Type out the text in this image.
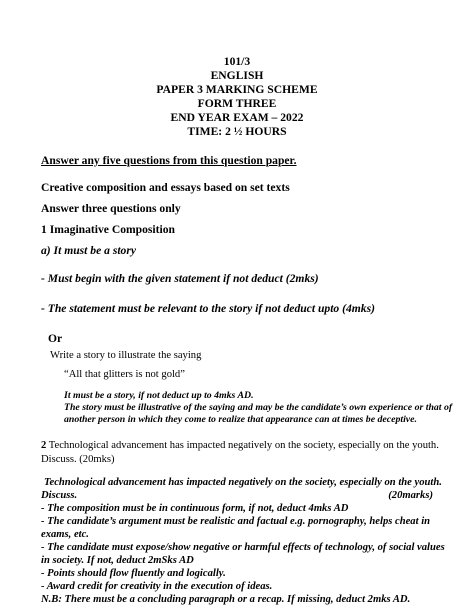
101/3
ENGLISH
PAPER 3 MARKING SCHEME
FORM THREE
END YEAR EXAM – 2022
TIME: 2 ½ HOURS
Answer any five questions from this question paper.
Creative composition and essays based on set texts
Answer three questions only
1 Imaginative Composition
a) It must be a story
- Must begin with the given statement if not deduct (2mks)
- The statement must be relevant to the story if not deduct upto (4mks)
Or
Write a story to illustrate the saying
“All that glitters is not gold”
It must be a story, if not deduct up to 4mks AD.
The story must be illustrative of the saying and may be the candidate’s own experience or that of
another person in which they come to realize that appearance can at times be deceptive.
2 Technological advancement has impacted negatively on the society, especially on the youth.
Discuss. (20mks)
Technological advancement has impacted negatively on the society, especially on the youth.
Discuss.	(20marks)
- The composition must be in continuous form, if not, deduct 4mks AD
- The candidate’s argument must be realistic and factual e.g. pornography, helps cheat in
exams, etc.
- The candidate must expose/show negative or harmful effects of technology, of social values
in society. If not, deduct 2mSks AD
- Points should flow fluently and logically.
- Award credit for creativity in the execution of ideas.
N.B: There must be a concluding paragraph or a recap. If missing, deduct 2mks AD.
